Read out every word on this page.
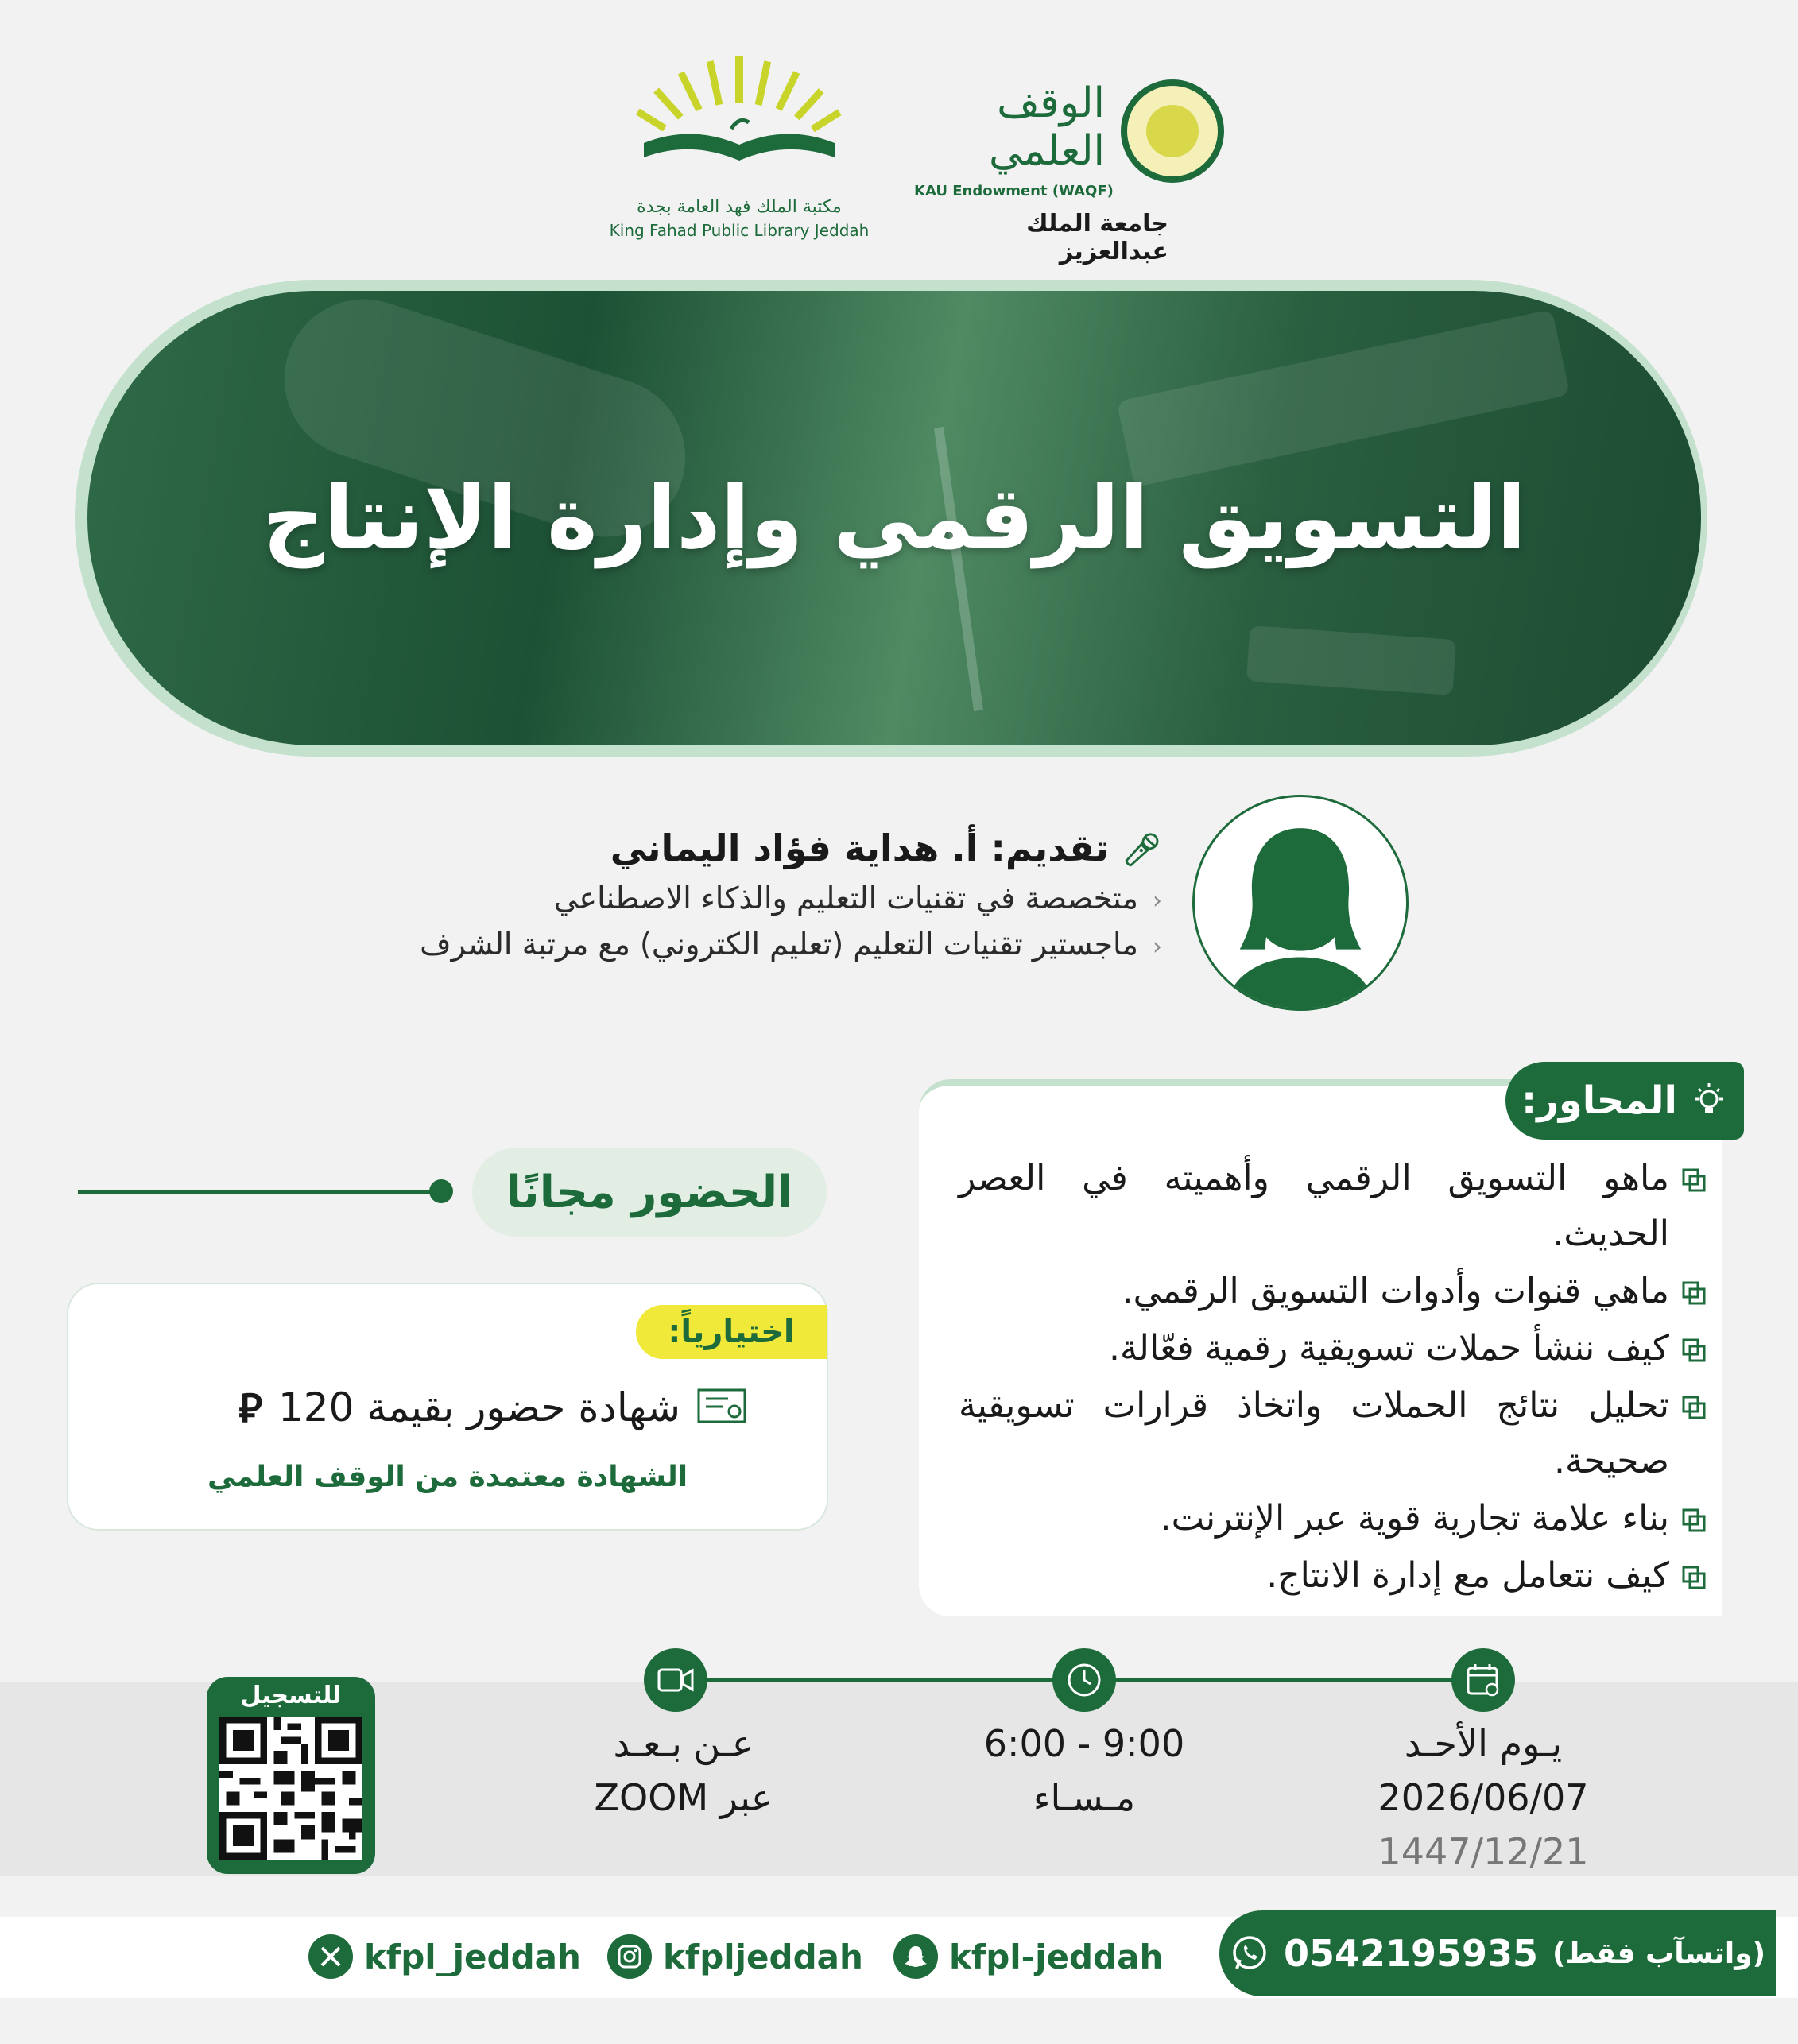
مكتبة الملك فهد العامة بجدة
King Fahad Public Library Jeddah
الوقف العلمي
KAU Endowment (WAQF)
جامعة الملك عبدالعزيز
التسويق الرقمي وإدارة الإنتاج
🎤︎ تقديم: أ. هداية فؤاد اليماني
‹متخصصة في تقنيات التعليم والذكاء الاصطناعي
‹ماجستير تقنيات التعليم (تعليم الكتروني) مع مرتبة الشرف
المحاور:
ماهو التسويق الرقمي وأهميته في العصر الحديث.
ماهي قنوات وأدوات التسويق الرقمي.
كيف ننشأ حملات تسويقية رقمية فعّالة.
تحليل نتائج الحملات واتخاذ قرارات تسويقية صحيحة.
بناء علامة تجارية قوية عبر الإنترنت.
كيف نتعامل مع إدارة الانتاج.
الحضور مجانًا
اختيارياً:
شهادة حضور بقيمة 120
⃁
الشهادة معتمدة من الوقف العلمي
عـن بـعـد
عبر ZOOM
6:00 - 9:00
مـسـاء
يـوم الأحـد
2026/06/07
1447/12/21
للتسجيل
(واتسآب فقط)
0542195935
kfpl-jeddah
kfpljeddah
kfpl_jeddah
